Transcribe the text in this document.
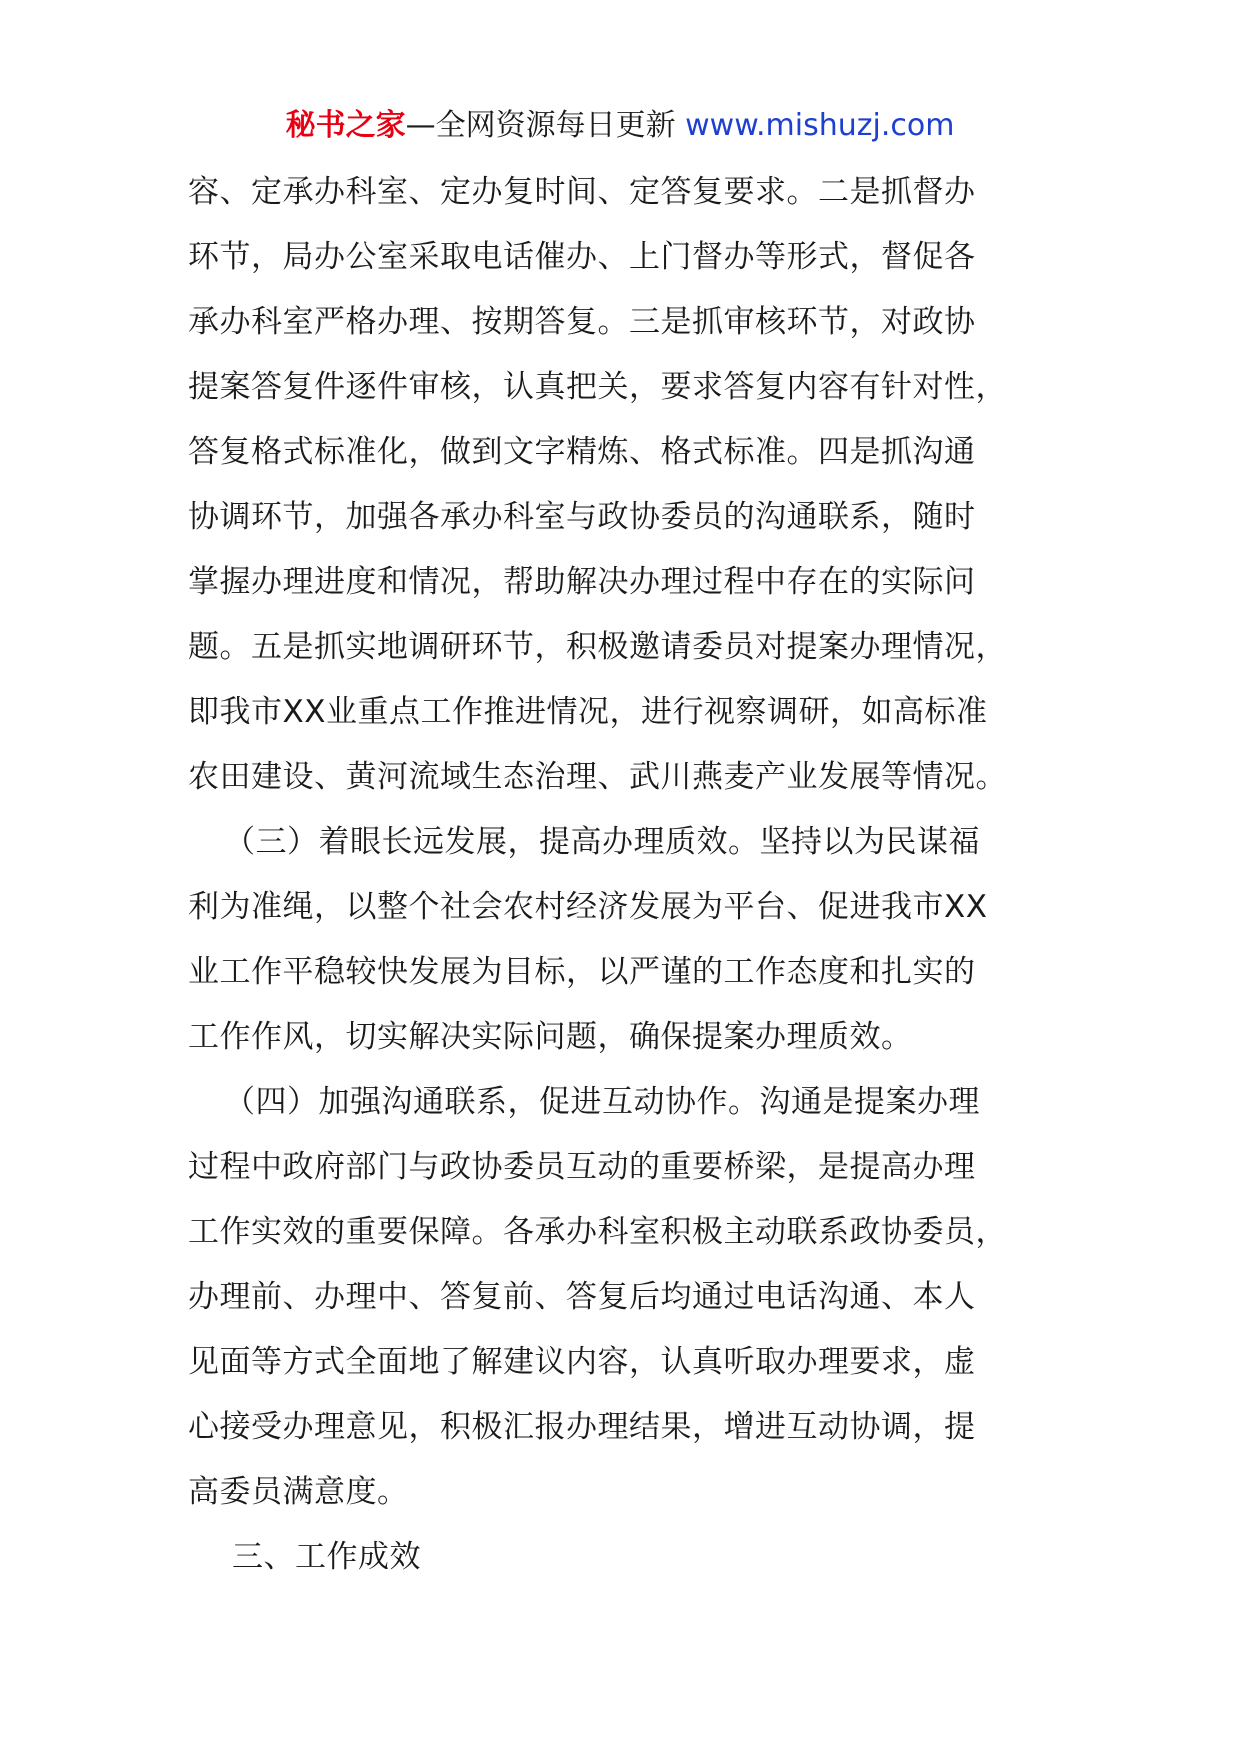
秘书之家—全网资源每日更新 www.mishuzj.com
容、定承办科室、定办复时间、定答复要求。二是抓督办
环节，局办公室采取电话催办、上门督办等形式，督促各
承办科室严格办理、按期答复。三是抓审核环节，对政协
提案答复件逐件审核，认真把关，要求答复内容有针对性，
答复格式标准化，做到文字精炼、格式标准。四是抓沟通
协调环节，加强各承办科室与政协委员的沟通联系，随时
掌握办理进度和情况，帮助解决办理过程中存在的实际问
题。五是抓实地调研环节，积极邀请委员对提案办理情况，
即我市XX业重点工作推进情况，进行视察调研，如高标准
农田建设、黄河流域生态治理、武川燕麦产业发展等情况。
（三）着眼长远发展，提高办理质效。坚持以为民谋福
利为准绳，以整个社会农村经济发展为平台、促进我市XX
业工作平稳较快发展为目标，以严谨的工作态度和扎实的
工作作风，切实解决实际问题，确保提案办理质效。
（四）加强沟通联系，促进互动协作。沟通是提案办理
过程中政府部门与政协委员互动的重要桥梁，是提高办理
工作实效的重要保障。各承办科室积极主动联系政协委员，
办理前、办理中、答复前、答复后均通过电话沟通、本人
见面等方式全面地了解建议内容，认真听取办理要求，虚
心接受办理意见，积极汇报办理结果，增进互动协调，提
高委员满意度。
三、工作成效
